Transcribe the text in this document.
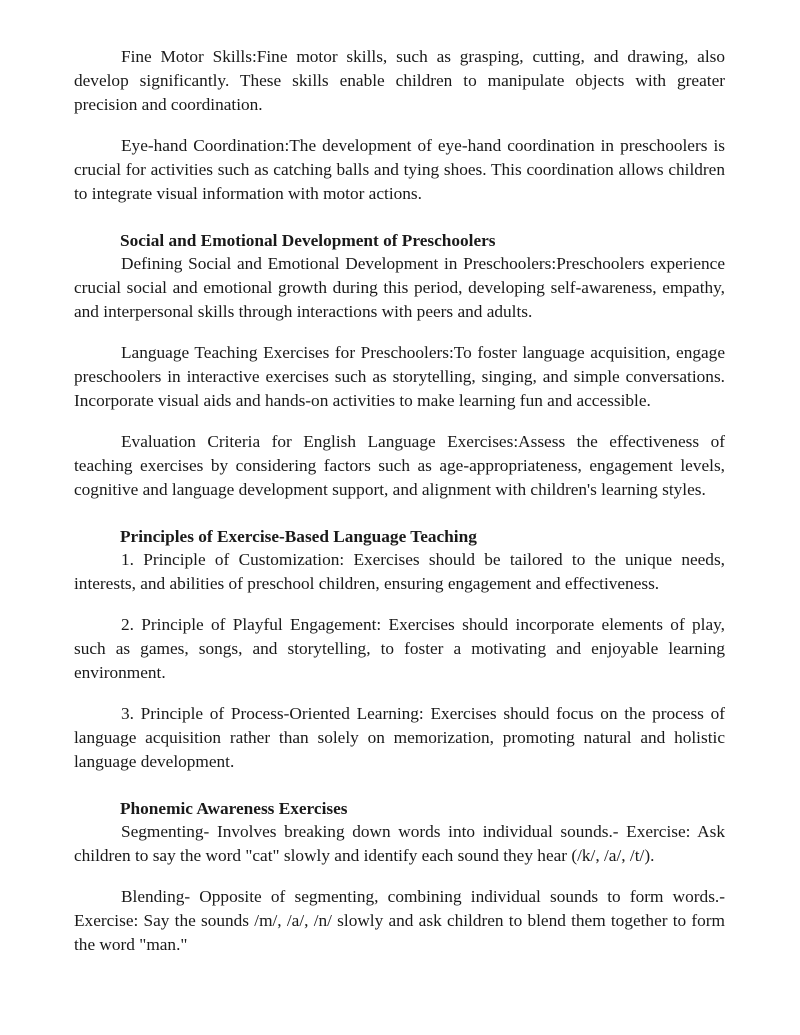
Fine Motor Skills:Fine motor skills, such as grasping, cutting, and drawing, also develop significantly. These skills enable children to manipulate objects with greater precision and coordination.

Eye-hand Coordination:The development of eye-hand coordination in preschoolers is crucial for activities such as catching balls and tying shoes. This coordination allows children to integrate visual information with motor actions.

Social and Emotional Development of Preschoolers

Defining Social and Emotional Development in Preschoolers:Preschoolers experience crucial social and emotional growth during this period, developing self-awareness, empathy, and interpersonal skills through interactions with peers and adults.

Language Teaching Exercises for Preschoolers:To foster language acquisition, engage preschoolers in interactive exercises such as storytelling, singing, and simple conversations. Incorporate visual aids and hands-on activities to make learning fun and accessible.

Evaluation Criteria for English Language Exercises:Assess the effectiveness of teaching exercises by considering factors such as age-appropriateness, engagement levels, cognitive and language development support, and alignment with children's learning styles.

Principles of Exercise-Based Language Teaching

1. Principle of Customization: Exercises should be tailored to the unique needs, interests, and abilities of preschool children, ensuring engagement and effectiveness.

2. Principle of Playful Engagement: Exercises should incorporate elements of play, such as games, songs, and storytelling, to foster a motivating and enjoyable learning environment.

3. Principle of Process-Oriented Learning: Exercises should focus on the process of language acquisition rather than solely on memorization, promoting natural and holistic language development.

Phonemic Awareness Exercises

Segmenting- Involves breaking down words into individual sounds.- Exercise: Ask children to say the word "cat" slowly and identify each sound they hear (/k/, /a/, /t/).

Blending- Opposite of segmenting, combining individual sounds to form words.- Exercise: Say the sounds /m/, /a/, /n/ slowly and ask children to blend them together to form the word "man."
